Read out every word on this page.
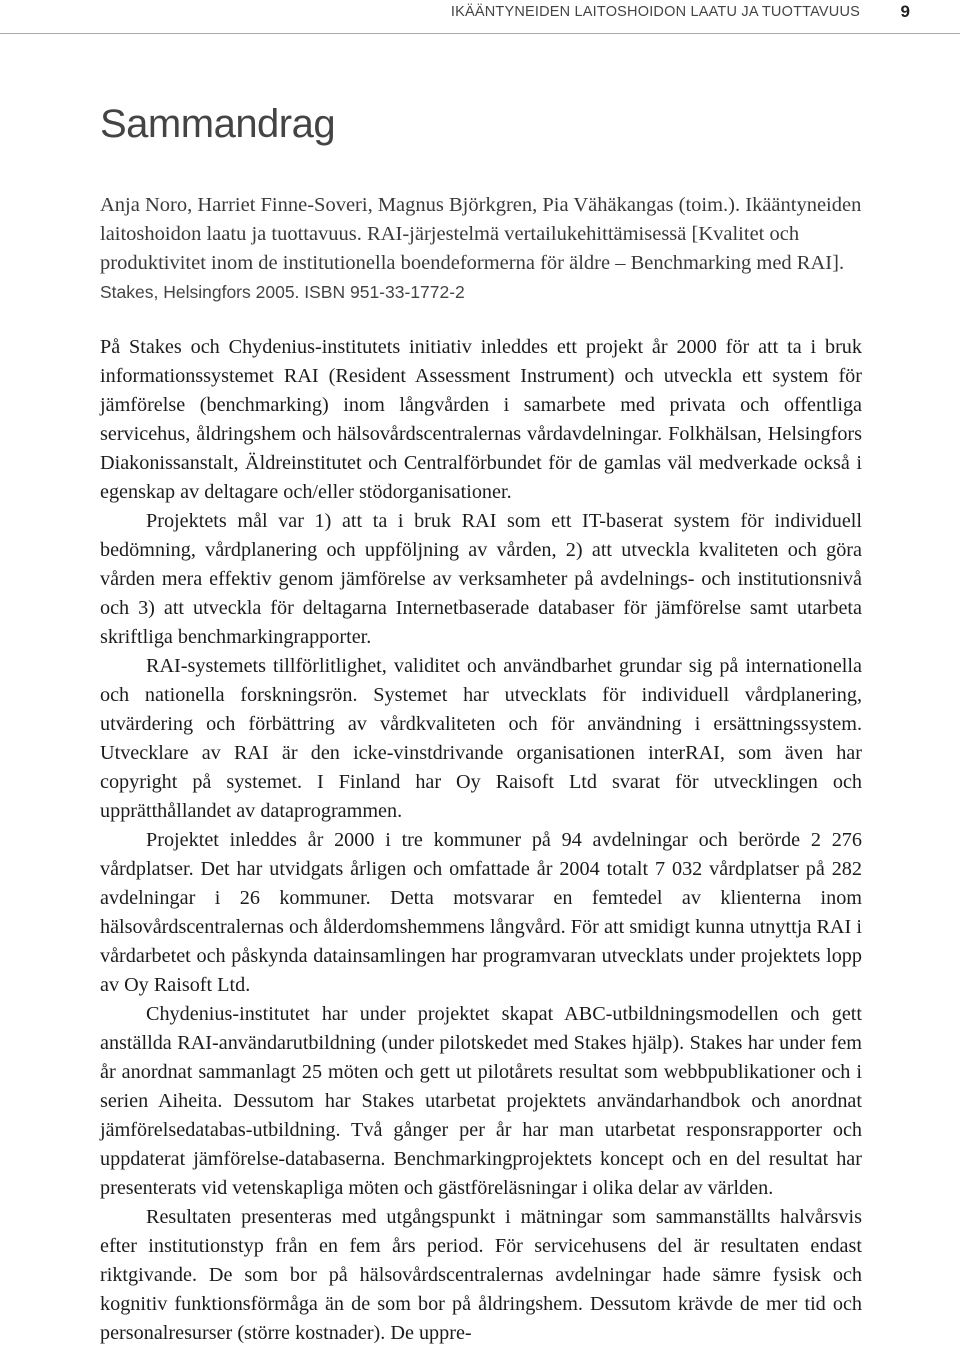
IKÄÄNTYNEIDEN LAITOSHOIDON LAATU JA TUOTTAVUUS 9
Sammandrag

Anja Noro, Harriet Finne-Soveri, Magnus Björkgren, Pia Vähäkangas (toim.). Ikääntyneiden laitoshoidon laatu ja tuottavuus. RAI-järjestelmä vertailukehittämisessä [Kvalitet och produktivitet inom de institutionella boendeformerna för äldre – Benchmarking med RAI]. Stakes, Helsingfors 2005. ISBN 951-33-1772-2

På Stakes och Chydenius-institutets initiativ inleddes ett projekt år 2000 för att ta i bruk informationssystemet RAI (Resident Assessment Instrument) och utveckla ett system för jämförelse (benchmarking) inom långvården i samarbete med privata och offentliga servicehus, åldringshem och hälsovårdscentralernas vårdavdelningar. Folkhälsan, Helsingfors Diakonissanstalt, Äldreinstitutet och Centralförbundet för de gamlas väl medverkade också i egenskap av deltagare och/eller stödorganisationer.

Projektets mål var 1) att ta i bruk RAI som ett IT-baserat system för individuell bedömning, vårdplanering och uppföljning av vården, 2) att utveckla kvaliteten och göra vården mera effektiv genom jämförelse av verksamheter på avdelnings- och institutionsnivå och 3) att utveckla för deltagarna Internetbaserade databaser för jämförelse samt utarbeta skriftliga benchmarkingrapporter.

RAI-systemets tillförlitlighet, validitet och användbarhet grundar sig på internationella och nationella forskningsrön. Systemet har utvecklats för individuell vårdplanering, utvärdering och förbättring av vårdkvaliteten och för användning i ersättningssystem. Utvecklare av RAI är den icke-vinstdrivande organisationen interRAI, som även har copyright på systemet. I Finland har Oy Raisoft Ltd svarat för utvecklingen och upprätthållandet av dataprogrammen.

Projektet inleddes år 2000 i tre kommuner på 94 avdelningar och berörde 2 276 vårdplatser. Det har utvidgats årligen och omfattade år 2004 totalt 7 032 vårdplatser på 282 avdelningar i 26 kommuner. Detta motsvarar en femtedel av klienterna inom hälsovårdscentralernas och ålderdomshemmens långvård. För att smidigt kunna utnyttja RAI i vårdarbetet och påskynda datainsamlingen har programvaran utvecklats under projektets lopp av Oy Raisoft Ltd.

Chydenius-institutet har under projektet skapat ABC-utbildningsmodellen och gett anställda RAI-användarutbildning (under pilotskedet med Stakes hjälp). Stakes har under fem år anordnat sammanlagt 25 möten och gett ut pilotårets resultat som webbpublikationer och i serien Aiheita. Dessutom har Stakes utarbetat projektets användarhandbok och anordnat jämförelsedatabas-utbildning. Två gånger per år har man utarbetat responsrapporter och uppdaterat jämförelse-databaserna. Benchmarkingprojektets koncept och en del resultat har presenterats vid vetenskapliga möten och gästföreläsningar i olika delar av världen.

Resultaten presenteras med utgångspunkt i mätningar som sammanställts halvårsvis efter institutionstyp från en fem års period. För servicehusens del är resultaten endast riktgivande. De som bor på hälsovårdscentralernas avdelningar hade sämre fysisk och kognitiv funktionsförmåga än de som bor på åldringshem. Dessutom krävde de mer tid och personalresurser (större kostnader). De uppre-
